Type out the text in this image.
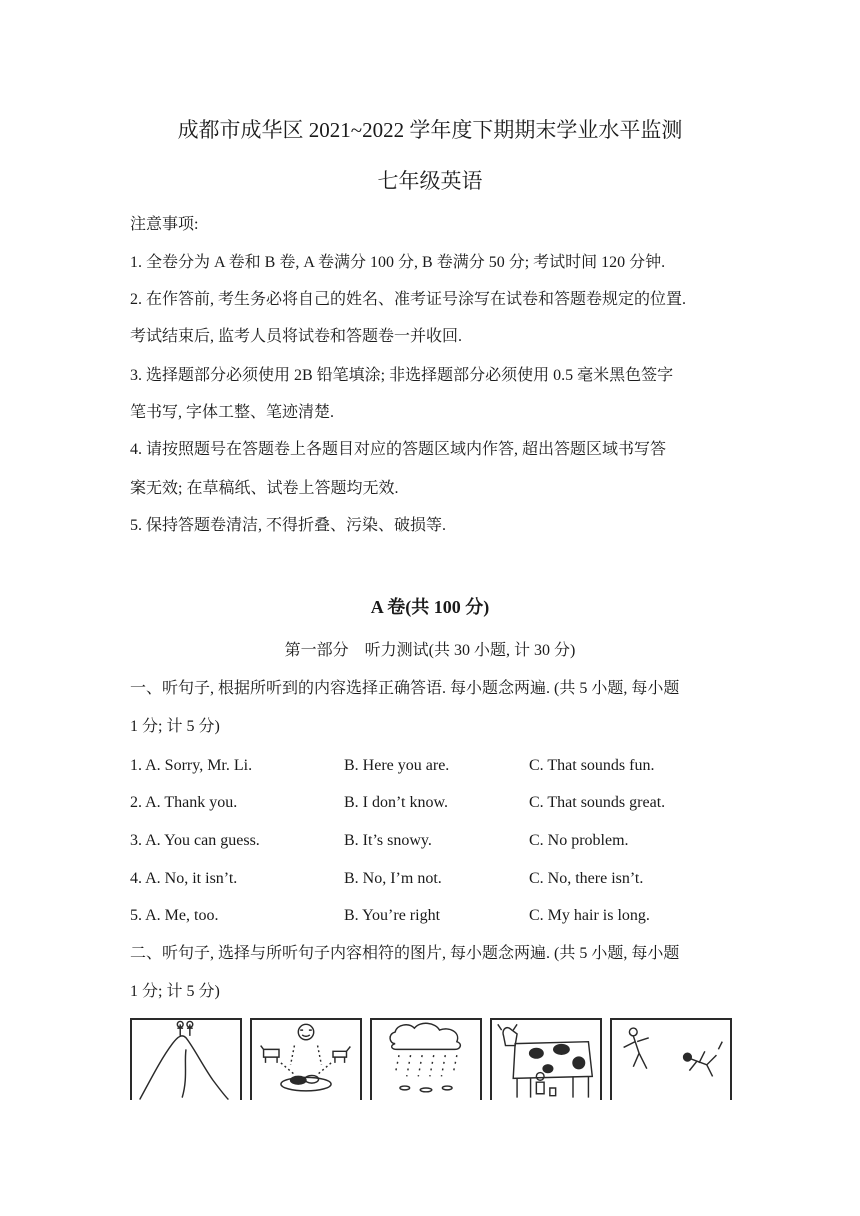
成都市成华区 2021~2022 学年度下期期末学业水平监测
七年级英语
注意事项:
1. 全卷分为 A 卷和 B 卷, A 卷满分 100 分, B 卷满分 50 分; 考试时间 120 分钟.
2. 在作答前, 考生务必将自己的姓名、准考证号涂写在试卷和答题卷规定的位置.
考试结束后, 监考人员将试卷和答题卷一并收回.
3. 选择题部分必须使用 2B 铅笔填涂; 非选择题部分必须使用 0.5 毫米黑色签字
笔书写, 字体工整、笔迹清楚.
4. 请按照题号在答题卷上各题目对应的答题区域内作答, 超出答题区域书写答
案无效; 在草稿纸、试卷上答题均无效.
5. 保持答题卷清洁, 不得折叠、污染、破损等.
A 卷(共 100 分)
第一部分　听力测试(共 30 小题, 计 30 分)
一、听句子, 根据所听到的内容选择正确答语. 每小题念两遍. (共 5 小题, 每小题
1 分; 计 5 分)
1. A. Sorry, Mr. Li.	B. Here you are.	C. That sounds fun.
2. A. Thank you.	B. I don’t know.	C. That sounds great.
3. A. You can guess.	B. It’s snowy.	C. No problem.
4. A. No, it isn’t.	B. No, I’m not.	C. No, there isn’t.
5. A. Me, too.	B. You’re right	C. My hair is long.
二、听句子, 选择与所听句子内容相符的图片, 每小题念两遍. (共 5 小题, 每小题
1 分; 计 5 分)
